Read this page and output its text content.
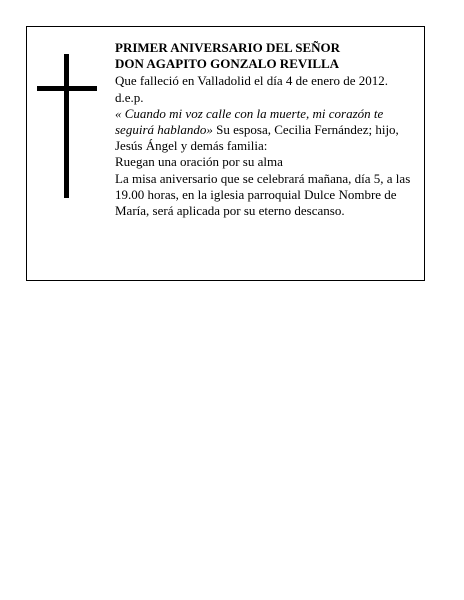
PRIMER ANIVERSARIO DEL SEÑOR

DON AGAPITO GONZALO REVILLA

Que falleció en Valladolid el día 4 de enero de 2012.

d.e.p.

« Cuando mi voz calle con la muerte, mi corazón te seguirá hablando» Su esposa, Cecilia Fernández; hijo, Jesús Ángel y demás familia:

Ruegan una oración por su alma

La misa aniversario que se celebrará mañana, día 5, a las 19.00 horas, en la iglesia parroquial Dulce Nombre de María, será aplicada por su eterno descanso.
